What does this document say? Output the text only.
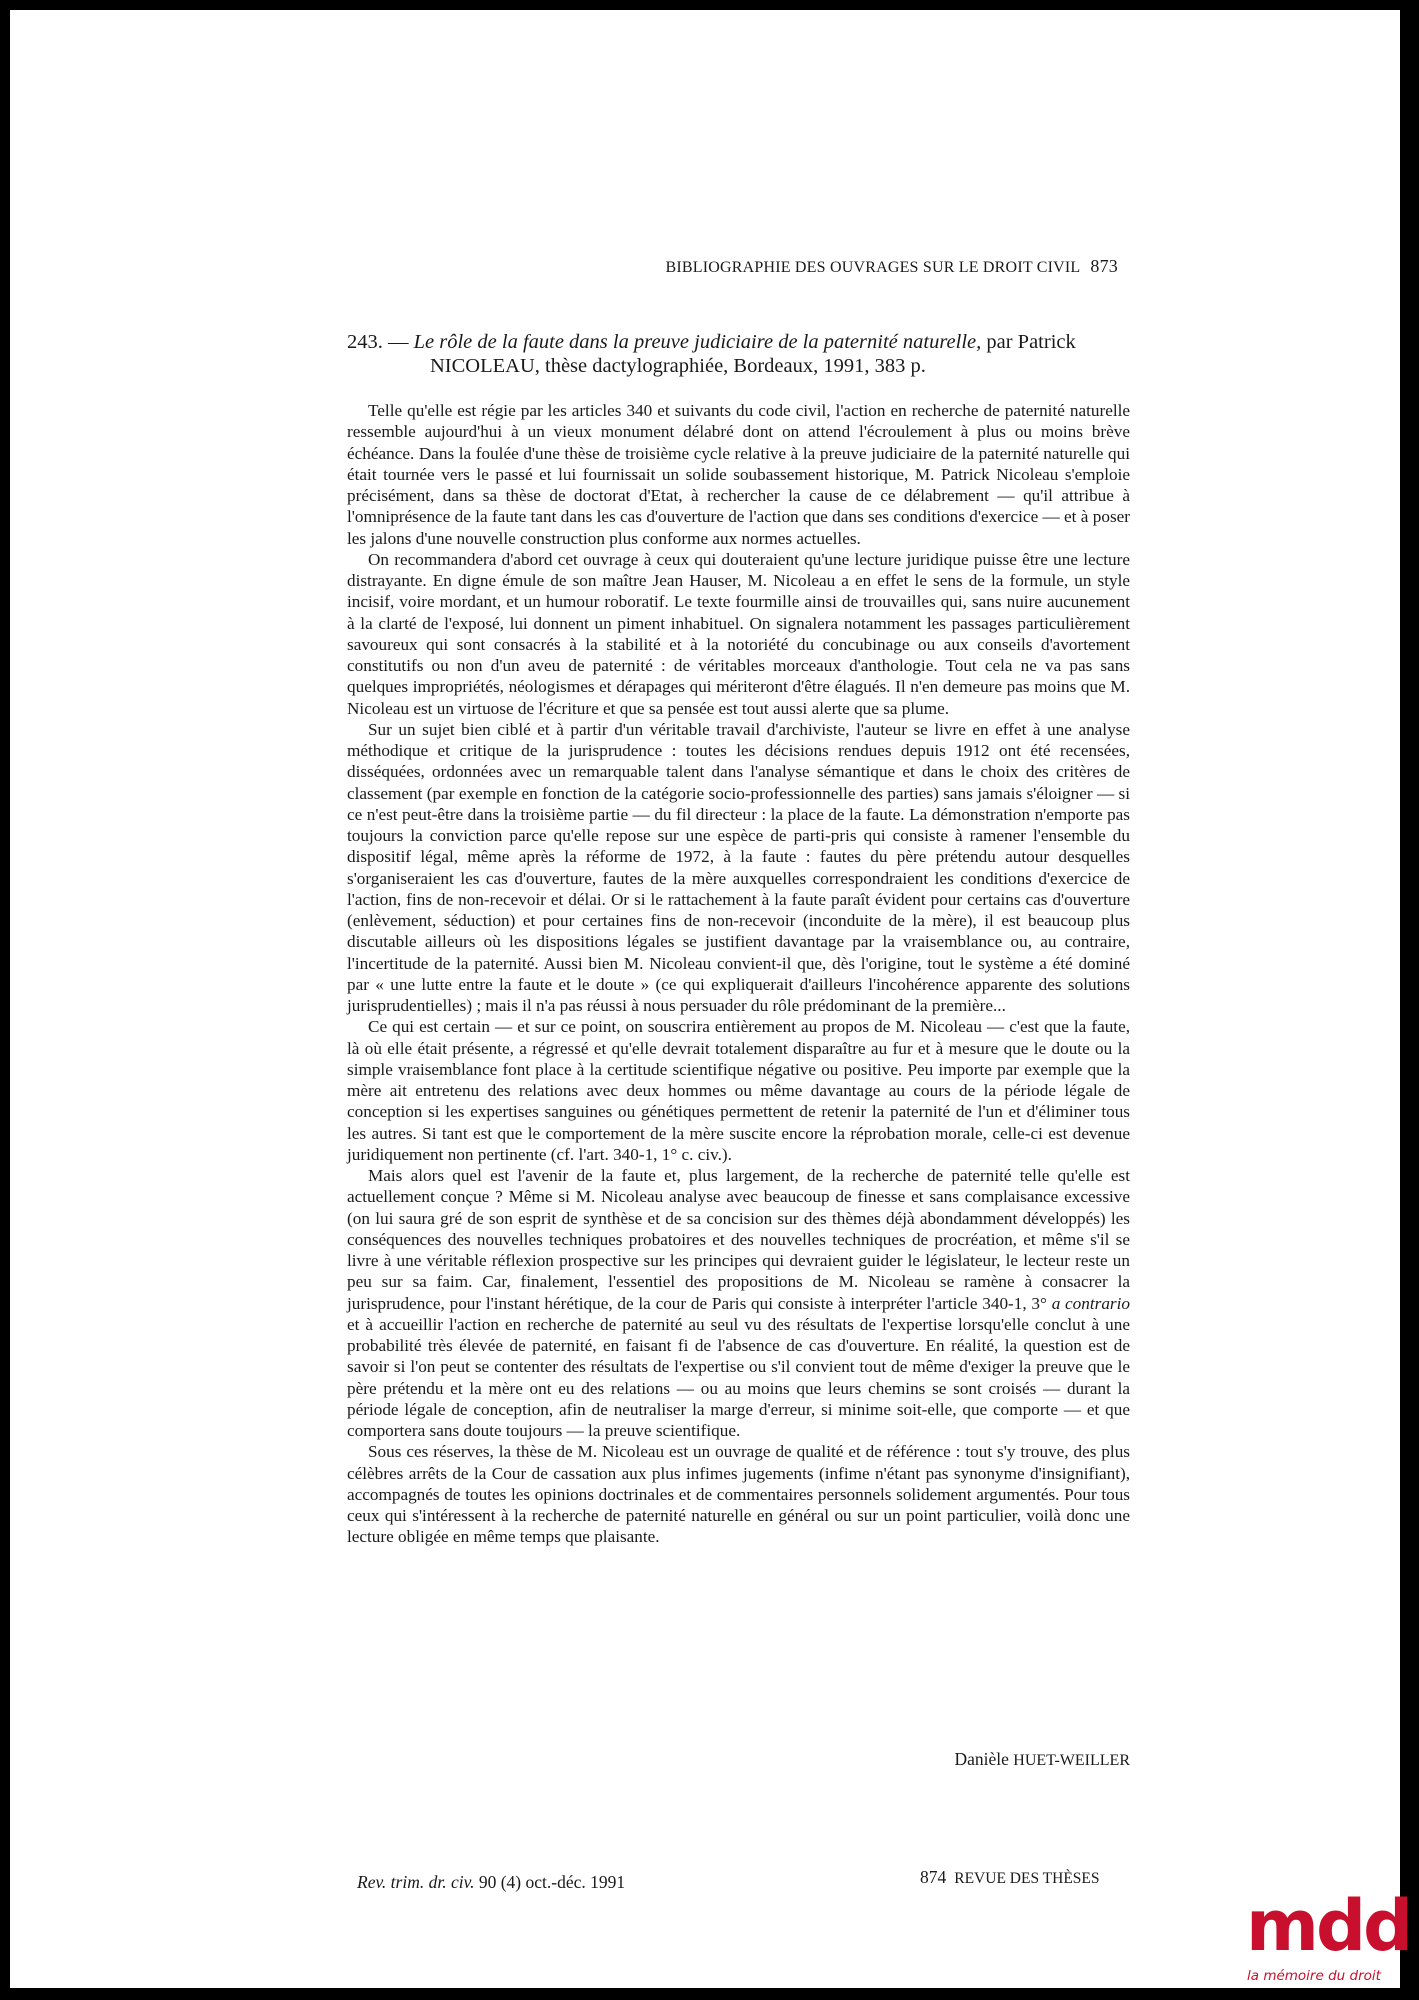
BIBLIOGRAPHIE DES OUVRAGES SUR LE DROIT CIVIL 873
243. — Le rôle de la faute dans la preuve judiciaire de la paternité naturelle, par Patrick
NICOLEAU, thèse dactylographiée, Bordeaux, 1991, 383 p.

Telle qu'elle est régie par les articles 340 et suivants du code civil, l'action en recherche de paternité naturelle ressemble aujourd'hui à un vieux monument délabré dont on attend l'écroulement à plus ou moins brève échéance. Dans la foulée d'une thèse de troisième cycle relative à la preuve judiciaire de la paternité naturelle qui était tournée vers le passé et lui fournissait un solide soubassement historique, M. Patrick Nicoleau s'emploie précisément, dans sa thèse de doctorat d'Etat, à rechercher la cause de ce délabrement — qu'il attribue à l'omniprésence de la faute tant dans les cas d'ouverture de l'action que dans ses conditions d'exercice — et à poser les jalons d'une nouvelle construction plus conforme aux normes actuelles.

On recommandera d'abord cet ouvrage à ceux qui douteraient qu'une lecture juridique puisse être une lecture distrayante. En digne émule de son maître Jean Hauser, M. Nicoleau a en effet le sens de la formule, un style incisif, voire mordant, et un humour roboratif. Le texte fourmille ainsi de trouvailles qui, sans nuire aucunement à la clarté de l'exposé, lui donnent un piment inhabituel. On signalera notamment les passages particulièrement savoureux qui sont consacrés à la stabilité et à la notoriété du concubinage ou aux conseils d'avortement constitutifs ou non d'un aveu de paternité : de véritables morceaux d'anthologie. Tout cela ne va pas sans quelques impropriétés, néologismes et dérapages qui mériteront d'être élagués. Il n'en demeure pas moins que M. Nicoleau est un virtuose de l'écriture et que sa pensée est tout aussi alerte que sa plume.

Sur un sujet bien ciblé et à partir d'un véritable travail d'archiviste, l'auteur se livre en effet à une analyse méthodique et critique de la jurisprudence : toutes les décisions rendues depuis 1912 ont été recensées, disséquées, ordonnées avec un remarquable talent dans l'analyse sémantique et dans le choix des critères de classement (par exemple en fonction de la catégorie socio-professionnelle des parties) sans jamais s'éloigner — si ce n'est peut-être dans la troisième partie — du fil directeur : la place de la faute. La démonstration n'emporte pas toujours la conviction parce qu'elle repose sur une espèce de parti-pris qui consiste à ramener l'ensemble du dispositif légal, même après la réforme de 1972, à la faute : fautes du père prétendu autour desquelles s'organiseraient les cas d'ouverture, fautes de la mère auxquelles correspondraient les conditions d'exercice de l'action, fins de non-recevoir et délai. Or si le rattachement à la faute paraît évident pour certains cas d'ouverture (enlèvement, séduction) et pour certaines fins de non-recevoir (inconduite de la mère), il est beaucoup plus discutable ailleurs où les dispositions légales se justifient davantage par la vraisemblance ou, au contraire, l'incertitude de la paternité. Aussi bien M. Nicoleau convient-il que, dès l'origine, tout le système a été dominé par « une lutte entre la faute et le doute » (ce qui expliquerait d'ailleurs l'incohérence apparente des solutions jurisprudentielles) ; mais il n'a pas réussi à nous persuader du rôle prédominant de la première...

Ce qui est certain — et sur ce point, on souscrira entièrement au propos de M. Nicoleau — c'est que la faute, là où elle était présente, a régressé et qu'elle devrait totalement disparaître au fur et à mesure que le doute ou la simple vraisemblance font place à la certitude scientifique négative ou positive. Peu importe par exemple que la mère ait entretenu des relations avec deux hommes ou même davantage au cours de la période légale de conception si les expertises sanguines ou génétiques permettent de retenir la paternité de l'un et d'éliminer tous les autres. Si tant est que le comportement de la mère suscite encore la réprobation morale, celle-ci est devenue juridiquement non pertinente (cf. l'art. 340-1, 1° c. civ.).

Mais alors quel est l'avenir de la faute et, plus largement, de la recherche de paternité telle qu'elle est actuellement conçue ? Même si M. Nicoleau analyse avec beaucoup de finesse et sans complaisance excessive (on lui saura gré de son esprit de synthèse et de sa concision sur des thèmes déjà abondamment développés) les conséquences des nouvelles techniques probatoires et des nouvelles techniques de procréation, et même s'il se livre à une véritable réflexion prospective sur les principes qui devraient guider le législateur, le lecteur reste un peu sur sa faim. Car, finalement, l'essentiel des propositions de M. Nicoleau se ramène à consacrer la jurisprudence, pour l'instant hérétique, de la cour de Paris qui consiste à interpréter l'article 340-1, 3° a contrario et à accueillir l'action en recherche de paternité au seul vu des résultats de l'expertise lorsqu'elle conclut à une probabilité très élevée de paternité, en faisant fi de l'absence de cas d'ouverture. En réalité, la question est de savoir si l'on peut se contenter des résultats de l'expertise ou s'il convient tout de même d'exiger la preuve que le père prétendu et la mère ont eu des relations — ou au moins que leurs chemins se sont croisés — durant la période légale de conception, afin de neutraliser la marge d'erreur, si minime soit-elle, que comporte — et que comportera sans doute toujours — la preuve scientifique.

Sous ces réserves, la thèse de M. Nicoleau est un ouvrage de qualité et de référence : tout s'y trouve, des plus célèbres arrêts de la Cour de cassation aux plus infimes jugements (infime n'étant pas synonyme d'insignifiant), accompagnés de toutes les opinions doctrinales et de commentaires personnels solidement argumentés. Pour tous ceux qui s'intéressent à la recherche de paternité naturelle en général ou sur un point particulier, voilà donc une lecture obligée en même temps que plaisante.

Danièle HUET-WEILLER
Rev. trim. dr. civ. 90 (4) oct.-déc. 1991	874 REVUE DES THÈSES
mdd
la mémoire du droit
